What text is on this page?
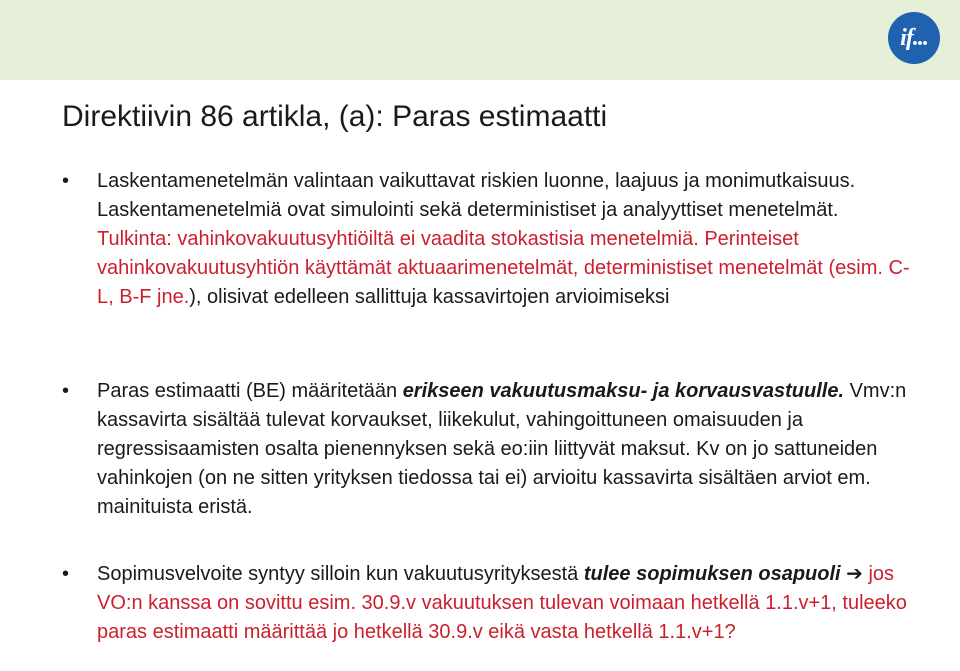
if...
Direktiivin 86 artikla, (a): Paras estimaatti
•	Laskentamenetelmän valintaan vaikuttavat riskien luonne, laajuus ja monimutkaisuus. Laskentamenetelmiä ovat simulointi sekä deterministiset ja analyyttiset menetelmät. Tulkinta: vahinkovakuutusyhtiöiltä ei vaadita stokastisia menetelmiä. Perinteiset vahinkovakuutusyhtiön käyttämät aktuaarimenetelmät, deterministiset menetelmät (esim. C-L, B-F jne.), olisivat edelleen sallittuja kassavirtojen arvioimiseksi
•	Paras estimaatti (BE) määritetään erikseen vakuutusmaksu- ja korvausvastuulle. Vmv:n kassavirta sisältää tulevat korvaukset, liikekulut, vahingoittuneen omaisuuden ja regressisaamisten osalta pienennyksen sekä eo:iin liittyvät maksut. Kv on jo sattuneiden vahinkojen (on ne sitten yrityksen tiedossa tai ei) arvioitu kassavirta sisältäen arviot em. mainituista eristä.
•	Sopimusvelvoite syntyy silloin kun vakuutusyrityksestä tulee sopimuksen osapuoli ➔ jos VO:n kanssa on sovittu esim. 30.9.v vakuutuksen tulevan voimaan hetkellä 1.1.v+1, tuleeko paras estimaatti määrittää jo hetkellä 30.9.v eikä vasta hetkellä 1.1.v+1?
